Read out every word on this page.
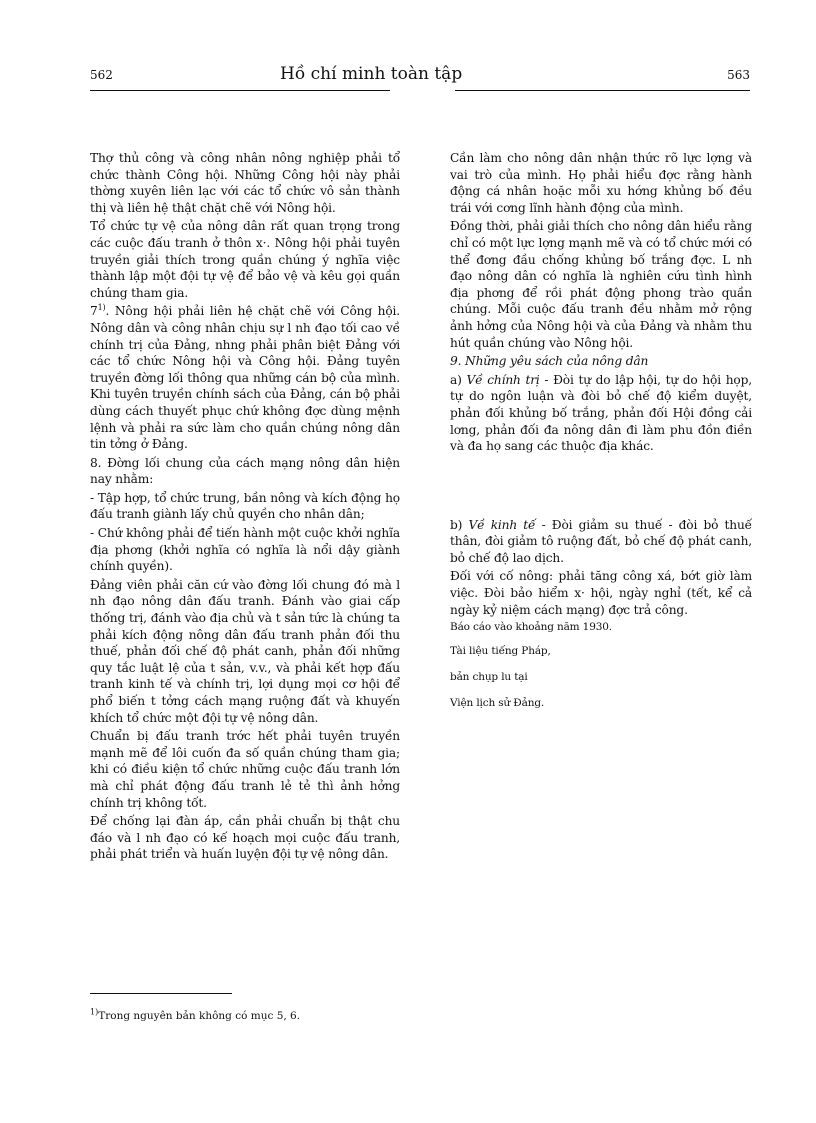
562	Hồ chí minh toàn tập	563

Thợ thủ công và công nhân nông nghiệp phải tổ chức thành Công hội. Những Công hội này phải thờng xuyên liên lạc với các tổ chức vô sản thành thị và liên hệ thật chặt chẽ với Nông hội.

Tổ chức tự vệ của nông dân rất quan trọng trong các cuộc đấu tranh ở thôn x·. Nông hội phải tuyên truyền giải thích trong quần chúng ý nghĩa việc thành lập một đội tự vệ để bảo vệ và kêu gọi quần chúng tham gia.

7$^{1)}$. Nông hội phải liên hệ chặt chẽ với Công hội. Nông dân và công nhân chịu sự l nh đạo tối cao về chính trị của Đảng, nhng phải phân biệt Đảng với các tổ chức Nông hội và Công hội. Đảng tuyên truyền đờng lối thông qua những cán bộ của mình. Khi tuyên truyền chính sách của Đảng, cán bộ phải dùng cách thuyết phục chứ không đợc dùng mệnh lệnh và phải ra sức làm cho quần chúng nông dân tin tởng ở Đảng.

8. Đờng lối chung của cách mạng nông dân hiện nay nhằm:

- Tập hợp, tổ chức trung, bần nông và kích động họ đấu tranh giành lấy chủ quyền cho nhân dân;

- Chứ không phải để tiến hành một cuộc khởi nghĩa địa phơng (khởi nghĩa có nghĩa là nổi dậy giành chính quyền).

Đảng viên phải căn cứ vào đờng lối chung đó mà l nh đạo nông dân đấu tranh. Đánh vào giai cấp thống trị, đánh vào địa chủ và t sản tức là chúng ta phải kích động nông dân đấu tranh phản đối thu thuế, phản đối chế độ phát canh, phản đối những quy tắc luật lệ của t sản, v.v., và phải kết hợp đấu tranh kinh tế và chính trị, lợi dụng mọi cơ hội để phổ biến t tởng cách mạng ruộng đất và khuyến khích tổ chức một đội tự vệ nông dân.

Chuẩn bị đấu tranh trớc hết phải tuyên truyền mạnh mẽ để lôi cuốn đa số quần chúng tham gia; khi có điều kiện tổ chức những cuộc đấu tranh lớn mà chỉ phát động đấu tranh lẻ tẻ thì ảnh hởng chính trị không tốt.

Để chống lại đàn áp, cần phải chuẩn bị thật chu đáo và l nh đạo có kế hoạch mọi cuộc đấu tranh, phải phát triển và huấn luyện đội tự vệ nông dân.

Cần làm cho nông dân nhận thức rõ lực lợng và vai trò của mình. Họ phải hiểu đợc rằng hành động cá nhân hoặc mỗi xu hớng khủng bố đều trái với cơng lĩnh hành động của mình.

Đồng thời, phải giải thích cho nông dân hiểu rằng chỉ có một lực lợng mạnh mẽ và có tổ chức mới có thể đơng đầu chống khủng bố trắng đợc. L nh đạo nông dân có nghĩa là nghiên cứu tình hình địa phơng để rồi phát động phong trào quần chúng. Mỗi cuộc đấu tranh đều nhằm mở rộng ảnh hởng của Nông hội và của Đảng và nhằm thu hút quần chúng vào Nông hội.

9. Những yêu sách của nông dân

a) Về chính trị - Đòi tự do lập hội, tự do hội họp, tự do ngôn luận và đòi bỏ chế độ kiểm duyệt, phản đối khủng bố trắng, phản đối Hội đồng cải lơng, phản đối đa nông dân đi làm phu đồn điền và đa họ sang các thuộc địa khác.

b) Về kinh tế - Đòi giảm su thuế - đòi bỏ thuế thân, đòi giảm tô ruộng đất, bỏ chế độ phát canh, bỏ chế độ lao dịch.

Đối với cố nông: phải tăng công xá, bớt giờ làm việc. Đòi bảo hiểm x· hội, ngày nghỉ (tết, kể cả ngày kỷ niệm cách mạng) đợc trả công.

Báo cáo vào khoảng năm 1930.

Tài liệu tiếng Pháp,

bản chụp lu tại

Viện lịch sử Đảng.

$^{1)}$Trong nguyên bản không có mục 5, 6.
